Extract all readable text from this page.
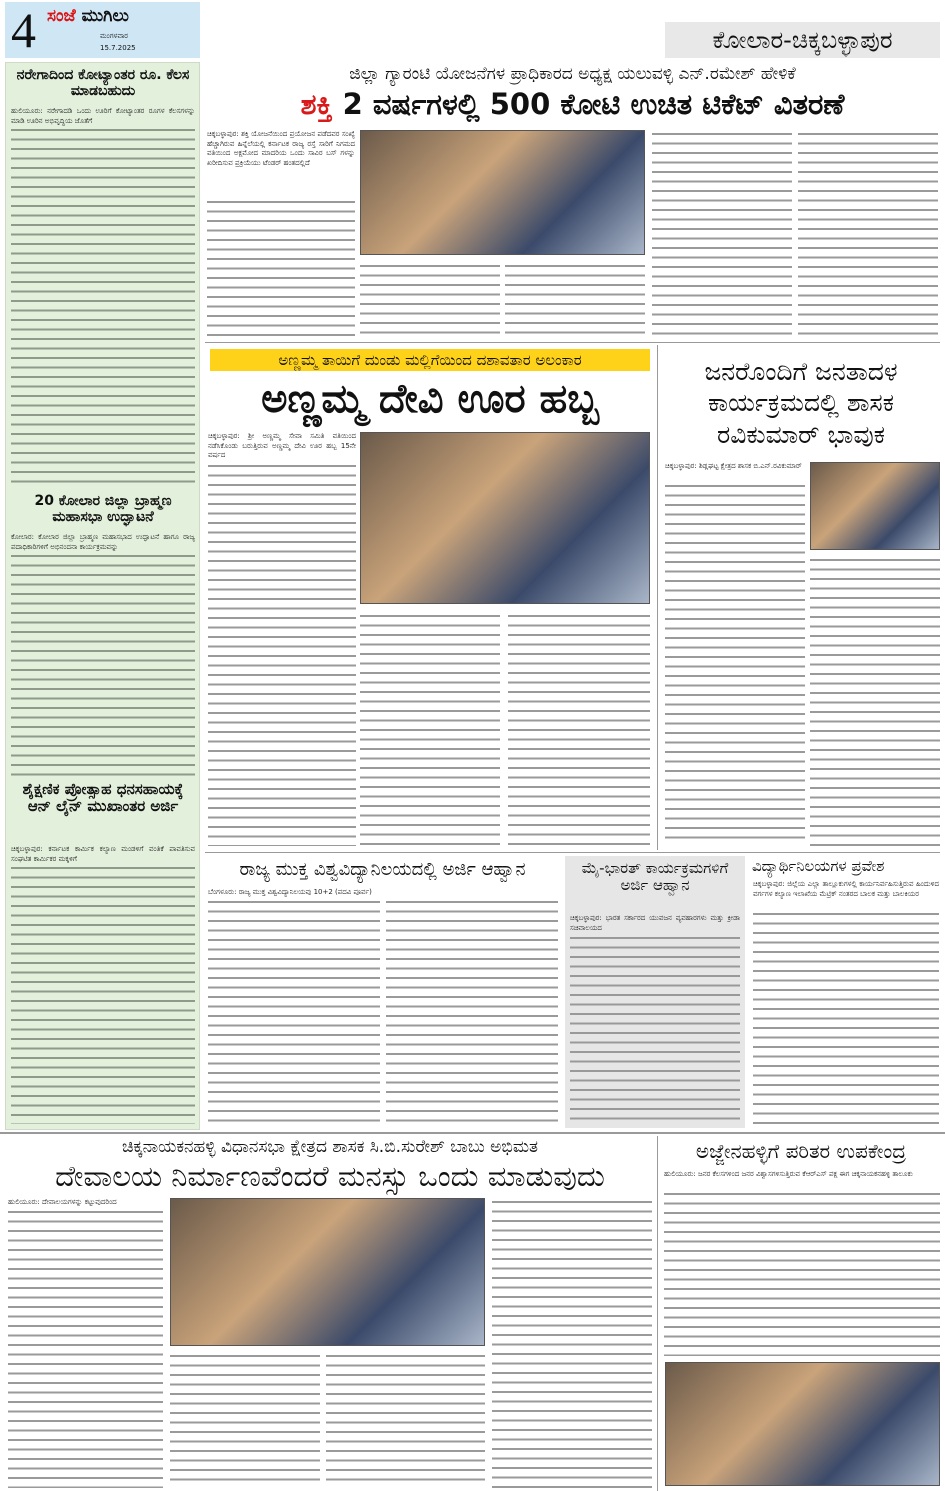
4 ಸಂಜೆ ಮುಗಿಲು
ಮಂಗಳವಾರ
15.7.2025	ಕೋಲಾರ-ಚಿಕ್ಕಬಳ್ಳಾಪುರ
ನರೇಗಾದಿಂದ ಕೋಟ್ಯಾಂತರ ರೂ. ಕೆಲಸ ಮಾಡಬಹುದು
ಹುಲಿಯೂರು: ನರೇಗಾದಡಿ ಒಂದು ಊರಿಗೆ ಕೋಟ್ಯಾಂತರ ರೂಗಳ ಕೆಲಸಗಳನ್ನು ಮಾಡಿ ಊರಿನ ಅಭಿವೃದ್ಧಿಯ ಜೊತೆಗೆ
20 ಕೋಲಾರ ಜಿಲ್ಲಾ ಬ್ರಾಹ್ಮಣ ಮಹಾಸಭಾ ಉದ್ಘಾಟನೆ
ಕೋಲಾರ: ಕೋಲಾರ ಜಿಲ್ಲಾ ಬ್ರಾಹ್ಮಣ ಮಹಾಸಭಾದ ಉದ್ಘಾಟನೆ ಹಾಗೂ ರಾಜ್ಯ ಪದಾಧಿಕಾರಿಗಳಿಗೆ ಅಭಿನಂದನಾ ಕಾರ್ಯಕ್ರಮವನ್ನು
ಶೈಕ್ಷಣಿಕ ಪ್ರೋತ್ಸಾಹ ಧನಸಹಾಯಕ್ಕೆ ಆನ್ ಲೈನ್ ಮುಖಾಂತರ ಅರ್ಜಿ
ಚಿಕ್ಕಬಳ್ಳಾಪುರ: ಕರ್ನಾಟಕ ಕಾರ್ಮಿಕ ಕಲ್ಯಾಣ ಮಂಡಳಿಗೆ ವಂತಿಕೆ ಪಾವತಿಸುವ ಸಂಘಟಿತ ಕಾರ್ಮಿಕರ ಮಕ್ಕಳಿಗೆ
ಜಿಲ್ಲಾ ಗ್ಯಾರಂಟಿ ಯೋಜನೆಗಳ ಪ್ರಾಧಿಕಾರದ ಅಧ್ಯಕ್ಷ ಯಲುವಳ್ಳಿ ಎನ್.ರಮೇಶ್ ಹೇಳಿಕೆ
ಶಕ್ತಿ 2 ವರ್ಷಗಳಲ್ಲಿ 500 ಕೋಟಿ ಉಚಿತ ಟಿಕೆಟ್ ವಿತರಣೆ
ಚಿಕ್ಕಬಳ್ಳಾಪುರ: ಶಕ್ತಿ ಯೋಜನೆಯಿಂದ ಪ್ರಯೋಜನ ಪಡೆದವರ ಸಂಖ್ಯೆ ಹೆಚ್ಚಾಗಿರುವ ಹಿನ್ನೆಲೆಯಲ್ಲಿ ಕರ್ನಾಟಕ ರಾಜ್ಯ ರಸ್ತೆ ಸಾರಿಗೆ ನಿಗಮದ ವತಿಯಿಂದ ಅಕ್ಷಮೋದ ಮಾದರಿಯ ಒಂದು ಸಾವಿರ ಬಸ್ ಗಳನ್ನು ಖರೀದಿಸುವ ಪ್ರಕ್ರಿಯೆಯು ಟೆಂಡರ್ ಹಂತದಲ್ಲಿದೆ
ಅಣ್ಣಮ್ಮ ತಾಯಿಗೆ ದುಂಡು ಮಲ್ಲಿಗೆಯಿಂದ ದಶಾವತಾರ ಅಲಂಕಾರ
ಅಣ್ಣಮ್ಮ ದೇವಿ ಊರ ಹಬ್ಬ
ಚಿಕ್ಕಬಳ್ಳಾಪುರ: ಶ್ರೀ ಅಣ್ಣಮ್ಮ ಸೇವಾ ಸಮಿತಿ ವತಿಯಿಂದ ನಡೆಸಿಕೊಂಡು ಬರುತ್ತಿರುವ ಅಣ್ಣಮ್ಮ ದೇವಿ ಊರ ಹಬ್ಬ 15ನೇ ವರ್ಷದ
ಜನರೊಂದಿಗೆ ಜನತಾದಳ ಕಾರ್ಯಕ್ರಮದಲ್ಲಿ ಶಾಸಕ ರವಿಕುಮಾರ್ ಭಾವುಕ
ಚಿಕ್ಕಬಳ್ಳಾಪುರ: ಶಿಡ್ಲಘಟ್ಟ ಕ್ಷೇತ್ರದ ಶಾಸಕ ಬಿ.ಎನ್.ರವಿಕುಮಾರ್
ರಾಜ್ಯ ಮುಕ್ತ ವಿಶ್ವವಿದ್ಯಾನಿಲಯದಲ್ಲಿ ಅರ್ಜಿ ಆಹ್ವಾನ
ಬೆಂಗಳೂರು: ರಾಜ್ಯ ಮುಕ್ತ ವಿಶ್ವವಿದ್ಯಾನಿಲಯವು 10+2 (ಪದವಿ ಪೂರ್ವ)
ಮೈ-ಭಾರತ್ ಕಾರ್ಯಕ್ರಮಗಳಿಗೆ ಅರ್ಜಿ ಆಹ್ವಾನ
ಚಿಕ್ಕಬಳ್ಳಾಪುರ: ಭಾರತ ಸರ್ಕಾರದ ಯುವಜನ ವ್ಯವಹಾರಗಳು ಮತ್ತು ಕ್ರೀಡಾ ಸಚಿವಾಲಯದ
ವಿದ್ಯಾರ್ಥಿನಿಲಯಗಳ ಪ್ರವೇಶ
ಚಿಕ್ಕಬಳ್ಳಾಪುರ: ಜಿಲ್ಲೆಯ ಎಲ್ಲಾ ತಾಲ್ಲೂಕುಗಳಲ್ಲಿ ಕಾರ್ಯನಿರ್ವಹಿಸುತ್ತಿರುವ ಹಿಂದುಳಿದ ವರ್ಗಗಳ ಕಲ್ಯಾಣ ಇಲಾಖೆಯ ಮೆಟ್ರಿಕ್ ನಂತರದ ಬಾಲಕ ಮತ್ತು ಬಾಲಕಿಯರ
ಚಿಕ್ಕನಾಯಕನಹಳ್ಳಿ ವಿಧಾನಸಭಾ ಕ್ಷೇತ್ರದ ಶಾಸಕ ಸಿ.ಬಿ.ಸುರೇಶ್ ಬಾಬು ಅಭಿಮತ
ದೇವಾಲಯ ನಿರ್ಮಾಣವೆಂದರೆ ಮನಸ್ಸು ಒಂದು ಮಾಡುವುದು
ಹುಲಿಯೂರು: ದೇವಾಲಯಗಳನ್ನು ಕಟ್ಟುವುದರಿಂದ
ಅಜ್ಜೇನಹಳ್ಳಿಗೆ ಪರಿತರ ಉಪಕೇಂದ್ರ
ಹುಲಿಯೂರು: ಜನರ ಕೆಲಸಗಳಿಂದ ಜನರ ವಿಶ್ವಾಸಗಳಿಸುತ್ತಿರುವ ಕೆಆರ್‌ಎಸ್ ಪಕ್ಷ ಈಗ ಚಿಕ್ಕನಾಯಕನಹಳ್ಳಿ ತಾಲೂಕು
